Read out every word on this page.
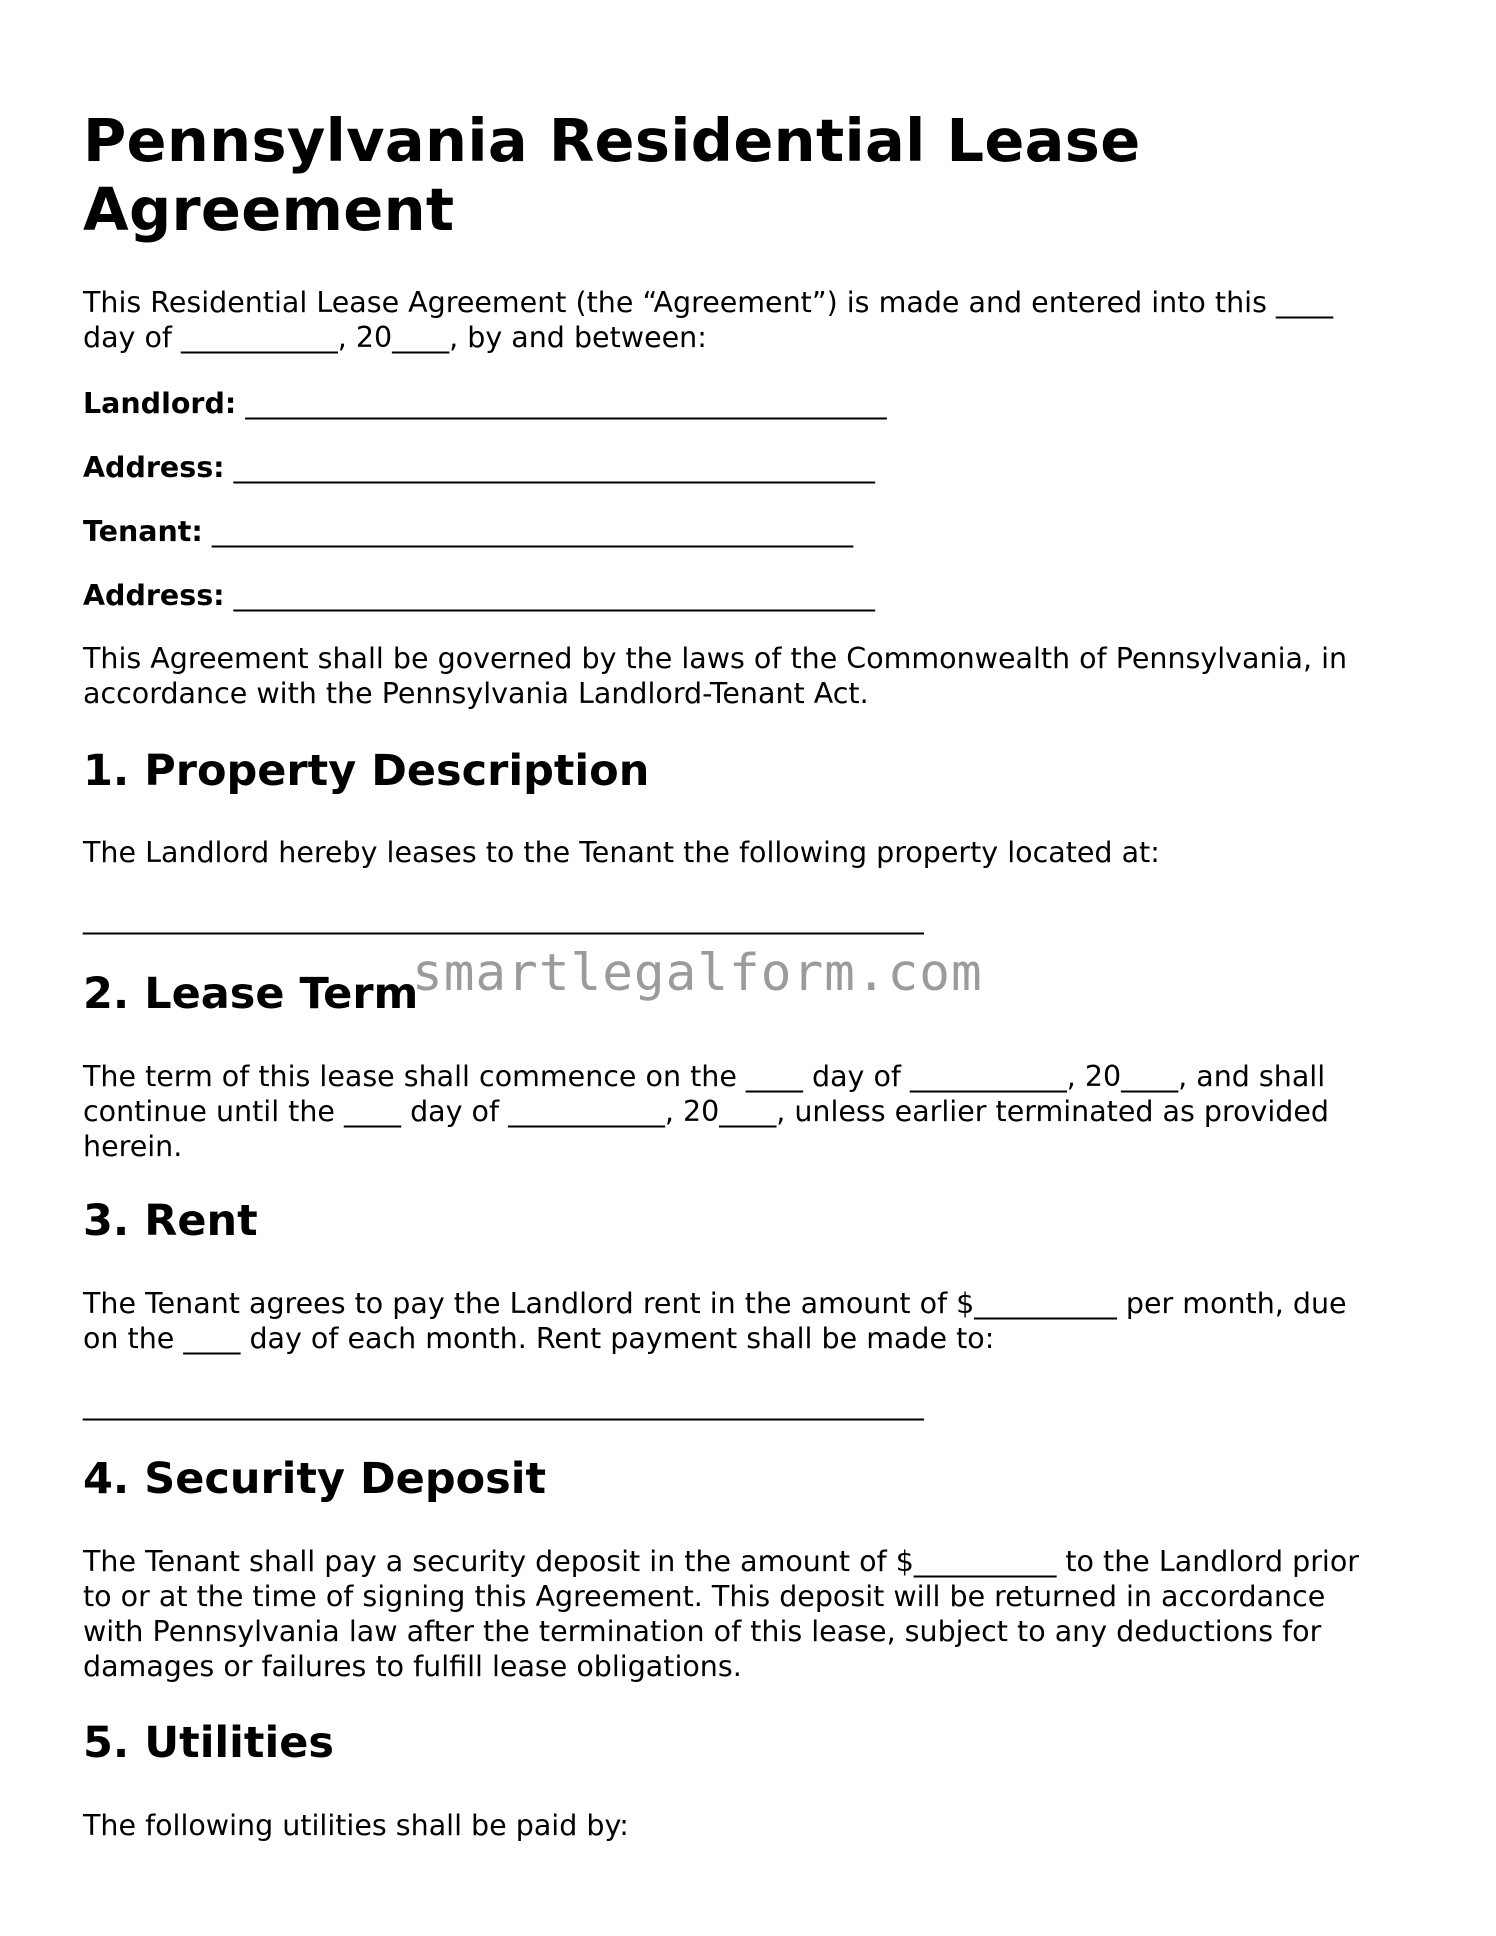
Pennsylvania Residential Lease Agreement

This Residential Lease Agreement (the “Agreement”) is made and entered into this ____ day of ___________, 20____, by and between:

Landlord: _____________________________________________
Address: _____________________________________________
Tenant: _____________________________________________
Address: _____________________________________________

This Agreement shall be governed by the laws of the Commonwealth of Pennsylvania, in accordance with the Pennsylvania Landlord-Tenant Act.

1. Property Description

The Landlord hereby leases to the Tenant the following property located at:

___________________________________________________________
2. Lease Term

The term of this lease shall commence on the ____ day of ___________, 20____, and shall continue until the ____ day of ___________, 20____, unless earlier terminated as provided herein.

3. Rent

The Tenant agrees to pay the Landlord rent in the amount of $__________ per month, due on the ____ day of each month. Rent payment shall be made to:

___________________________________________________________
4. Security Deposit

The Tenant shall pay a security deposit in the amount of $__________ to the Landlord prior to or at the time of signing this Agreement. This deposit will be returned in accordance with Pennsylvania law after the termination of this lease, subject to any deductions for damages or failures to fulfill lease obligations.

5. Utilities

The following utilities shall be paid by:

smartlegalform.com
